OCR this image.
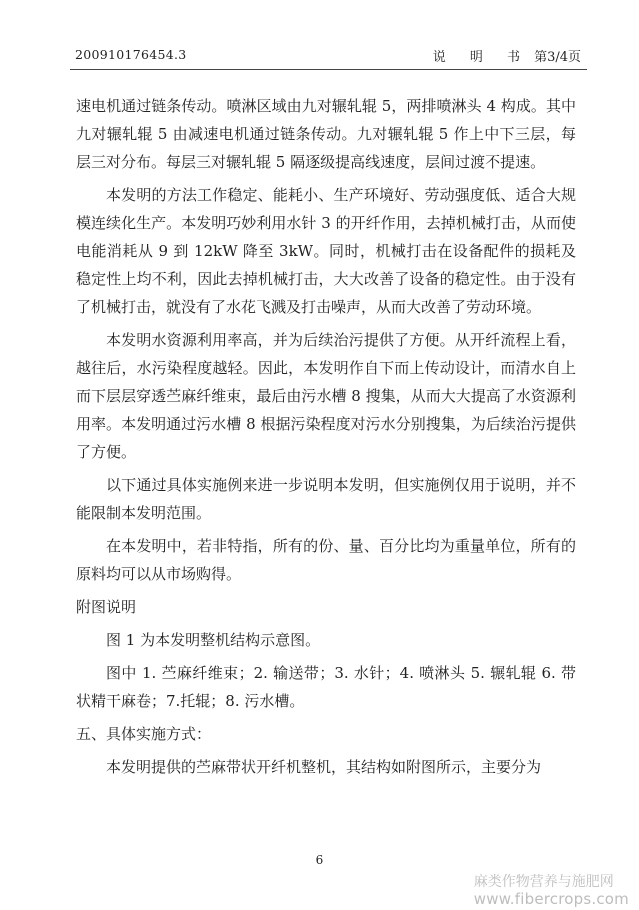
200910176454.3	说 明 书 第3/4页

速电机通过链条传动。喷淋区域由九对辗轧辊 5，两排喷淋头 4 构成。其中九对辗轧辊 5 由减速电机通过链条传动。九对辗轧辊 5 作上中下三层，每层三对分布。每层三对辗轧辊 5 隔逐级提高线速度，层间过渡不提速。

本发明的方法工作稳定、能耗小、生产环境好、劳动强度低、适合大规模连续化生产。本发明巧妙利用水针 3 的开纤作用，去掉机械打击，从而使电能消耗从 9 到 12kW 降至 3kW。同时，机械打击在设备配件的损耗及稳定性上均不利，因此去掉机械打击，大大改善了设备的稳定性。由于没有了机械打击，就没有了水花飞溅及打击噪声，从而大改善了劳动环境。

本发明水资源利用率高，并为后续治污提供了方便。从开纤流程上看，越往后，水污染程度越轻。因此，本发明作自下而上传动设计，而清水自上而下层层穿透苎麻纤维束，最后由污水槽 8 搜集，从而大大提高了水资源利用率。本发明通过污水槽 8 根据污染程度对污水分别搜集，为后续治污提供了方便。

以下通过具体实施例来进一步说明本发明，但实施例仅用于说明，并不能限制本发明范围。

在本发明中，若非特指，所有的份、量、百分比均为重量单位，所有的原料均可以从市场购得。

附图说明

图 1 为本发明整机结构示意图。

图中 1. 苎麻纤维束；2. 输送带；3. 水针；4. 喷淋头 5. 辗轧辊 6. 带状精干麻卷；7.托辊；8. 污水槽。

五、具体实施方式：

本发明提供的苎麻带状开纤机整机，其结构如附图所示，主要分为

6
麻类作物营养与施肥网
www.fibercrops.com
